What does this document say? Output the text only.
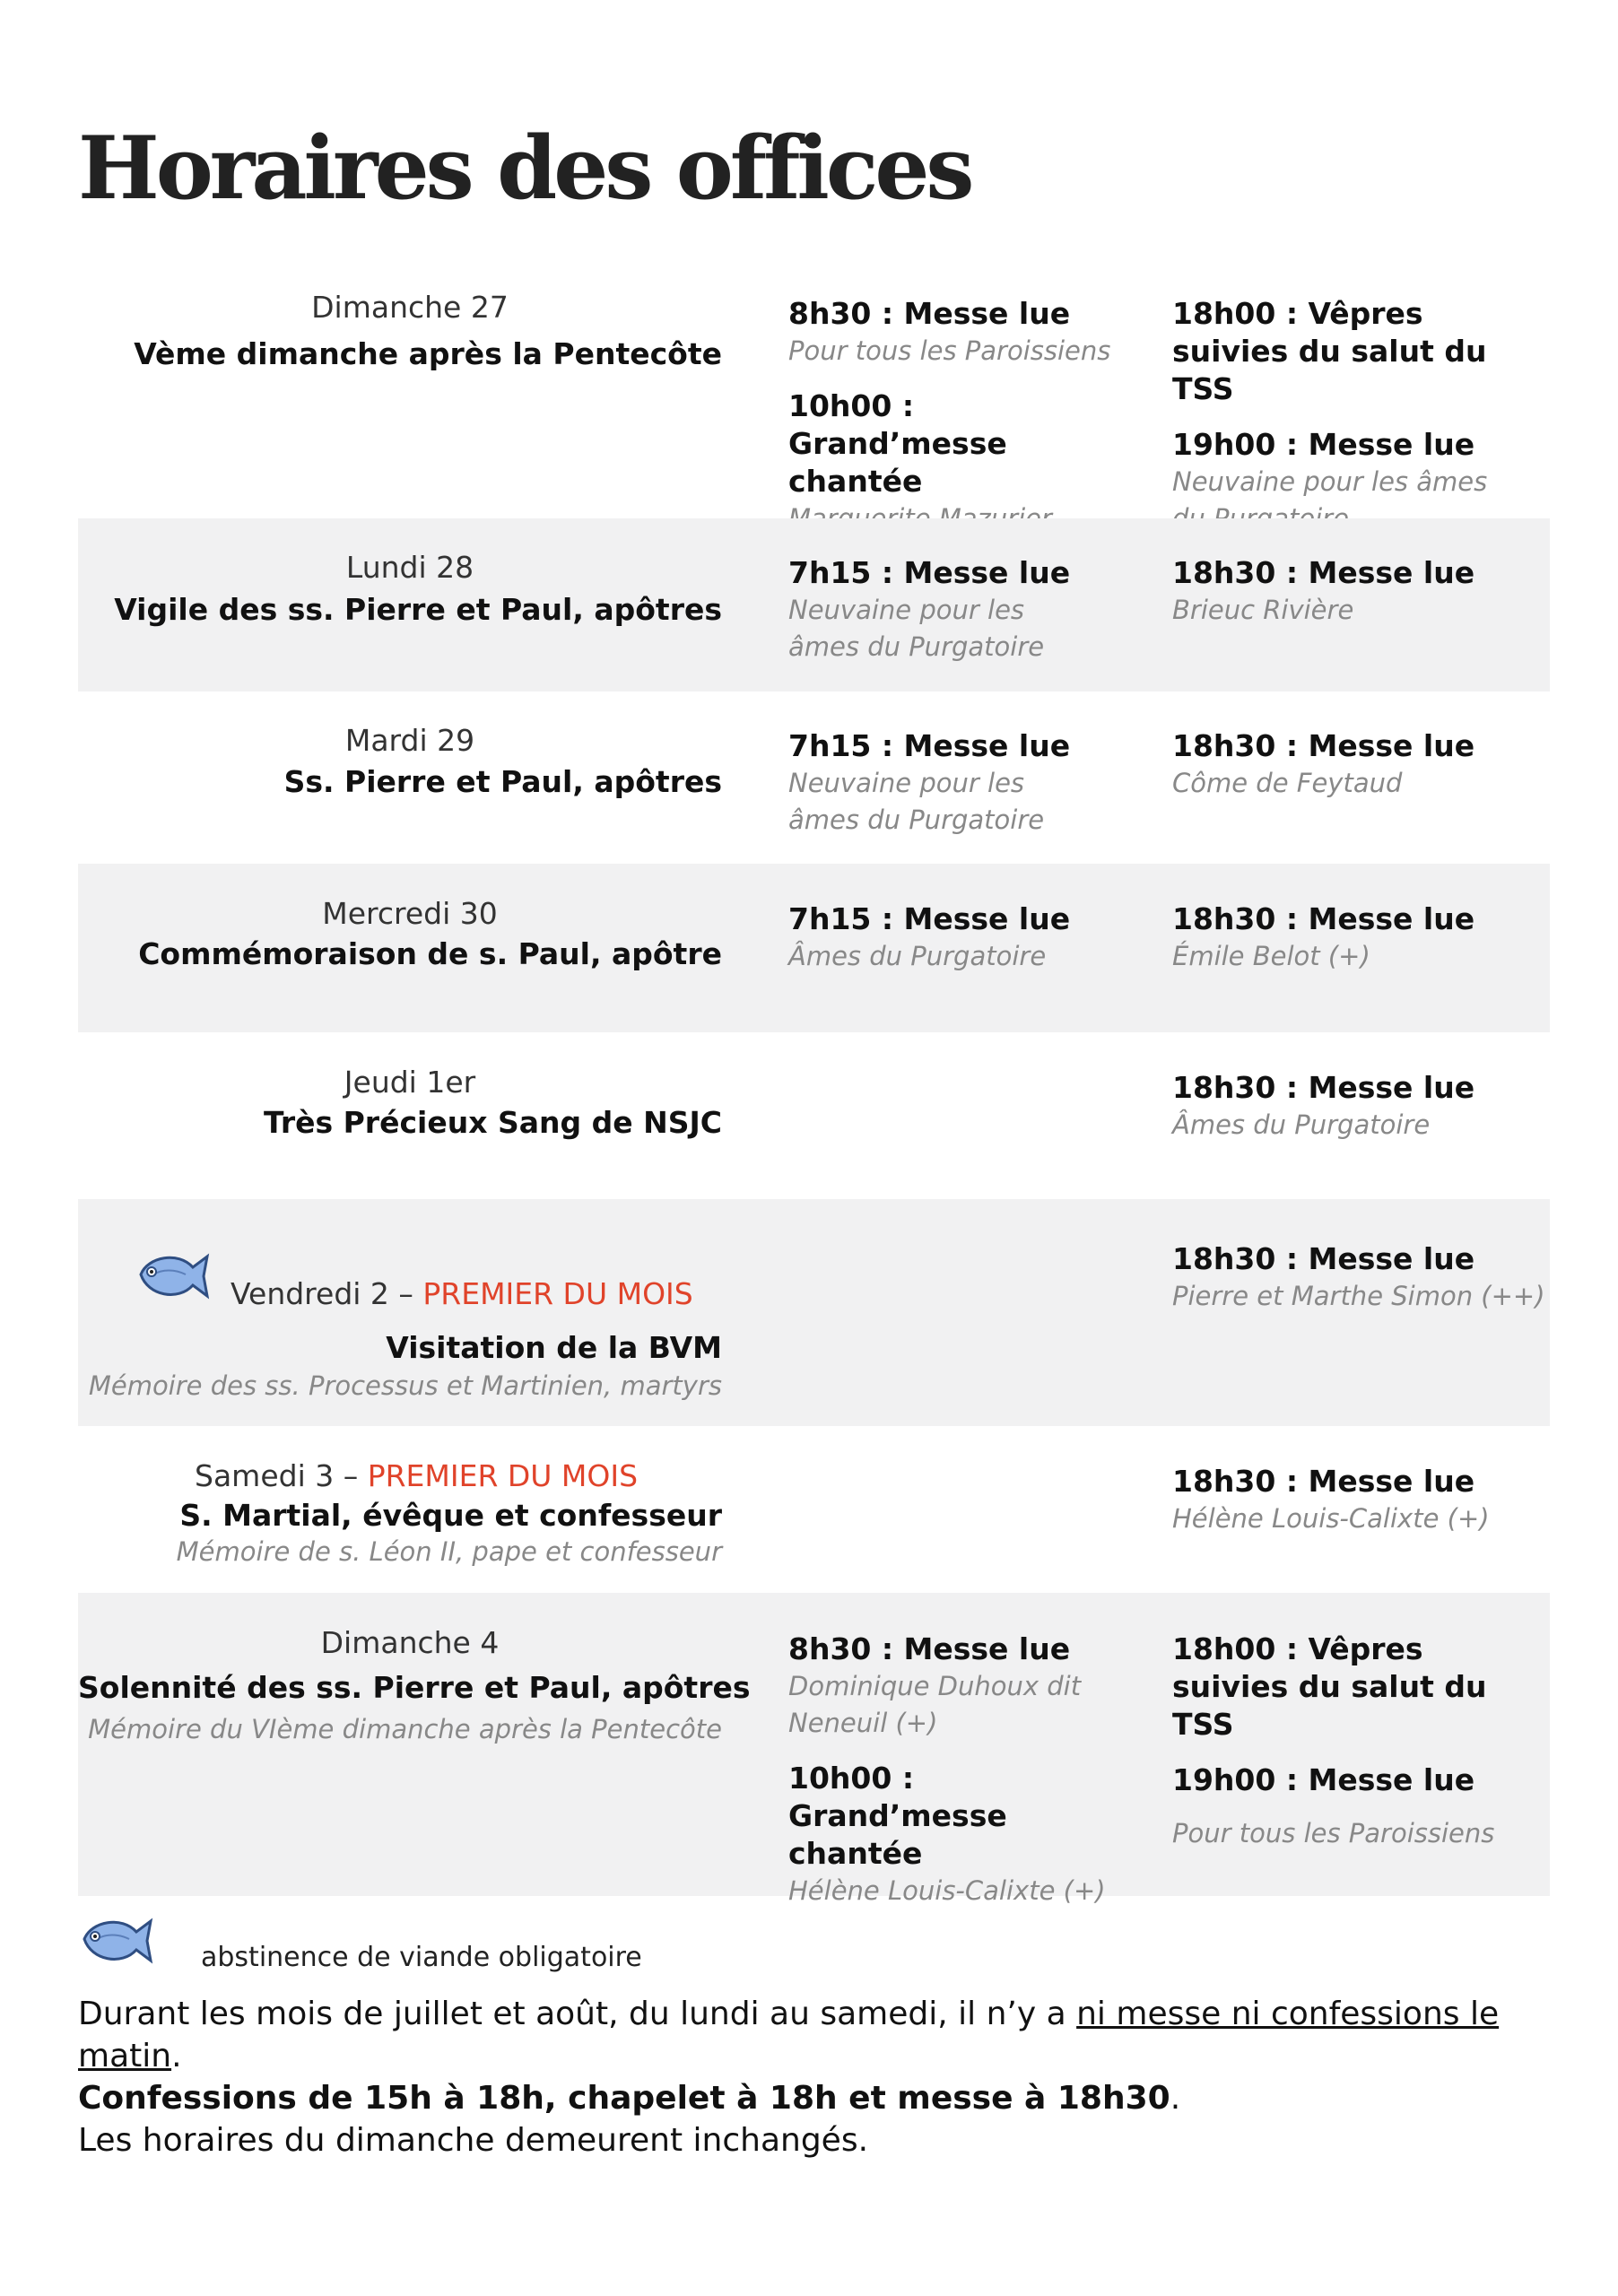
Horaires des offices
Dimanche 27
Vème dimanche après la Pentecôte
8h30 : Messe lue
Pour tous les Paroissiens
10h00 : Grand’messe chantée
18h00 : Vêpres suivies du salut du TSS
19h00 : Messe lue
Neuvaine pour les âmes
Lundi 28
Vigile des ss. Pierre et Paul, apôtres
7h15 : Messe lue
Neuvaine pour les âmes du Purgatoire
18h30 : Messe lue
Brieuc Rivière
Mardi 29
Ss. Pierre et Paul, apôtres
7h15 : Messe lue
Neuvaine pour les âmes du Purgatoire
18h30 : Messe lue
Côme de Feytaud
Mercredi 30
Commémoraison de s. Paul, apôtre
7h15 : Messe lue
Âmes du Purgatoire
18h30 : Messe lue
Émile Belot (+)
Jeudi 1er
Très Précieux Sang de NSJC
18h30 : Messe lue
Âmes du Purgatoire
Vendredi 2 – PREMIER DU MOIS
Visitation de la BVM
Mémoire des ss. Processus et Martinien, martyrs
18h30 : Messe lue
Pierre et Marthe Simon (++)
Samedi 3 – PREMIER DU MOIS
S. Martial, évêque et confesseur
Mémoire de s. Léon II, pape et confesseur
18h30 : Messe lue
Hélène Louis-Calixte (+)
Dimanche 4
Solennité des ss. Pierre et Paul, apôtres
Mémoire du VIème dimanche après la Pentecôte
8h30 : Messe lue
Dominique Duhoux dit Neneuil (+)
10h00 : Grand’messe chantée
Hélène Louis-Calixte (+)
18h00 : Vêpres suivies du salut du TSS
19h00 : Messe lue
Pour tous les Paroissiens
abstinence de viande obligatoire
Durant les mois de juillet et août, du lundi au samedi, il n’y a ni messe ni confessions le matin.
Confessions de 15h à 18h, chapelet à 18h et messe à 18h30.
Les horaires du dimanche demeurent inchangés.
